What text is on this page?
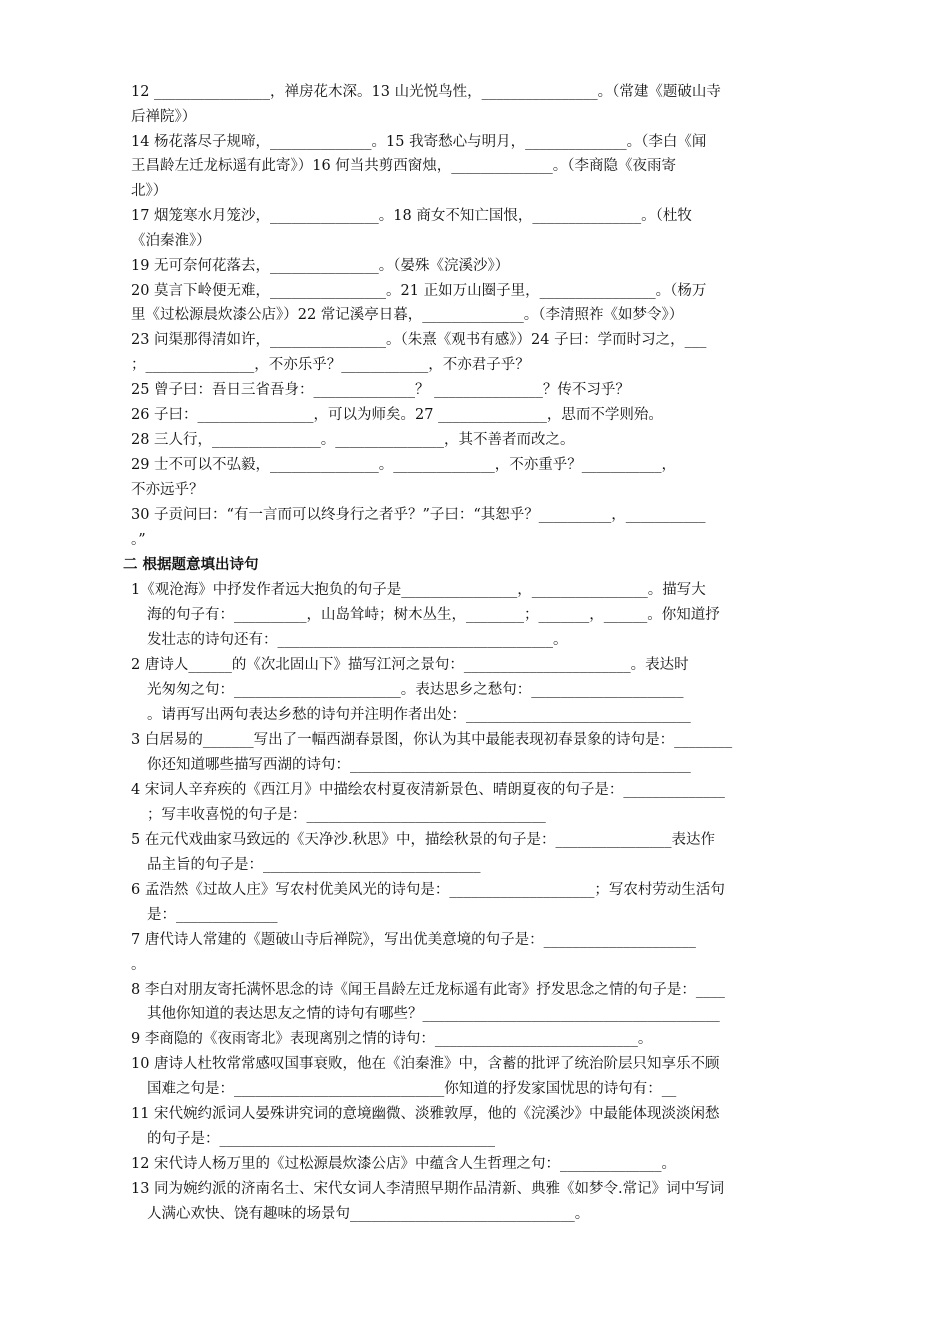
12 ________________，禅房花木深。13 山光悦鸟性，________________。（常建《题破山寺
后禅院》）
14 杨花落尽子规啼，______________。15 我寄愁心与明月，______________。（李白《闻
王昌龄左迁龙标遥有此寄》）16 何当共剪西窗烛，______________。（李商隐《夜雨寄
北》）
17 烟笼寒水月笼沙，_______________。18 商女不知亡国恨，_______________。（杜牧
《泊秦淮》）
19 无可奈何花落去，_______________。（晏殊《浣溪沙》）
20 莫言下岭便无难，________________。21 正如万山圈子里，________________。（杨万
里《过松源晨炊漆公店》）22 常记溪亭日暮，______________。（李清照祚《如梦令》）
23 问渠那得清如许，________________。（朱熹《观书有感》）24 子曰：学而时习之，___
；_______________，不亦乐乎？____________，不亦君子乎？
25 曾子曰：吾日三省吾身：______________？ _______________？传不习乎？
26 子曰：________________，可以为师矣。27 _______________，思而不学则殆。
28 三人行，_______________。_______________，其不善者而改之。
29 士不可以不弘毅，_______________。______________，不亦重乎？___________，
不亦远乎？
30 子贡问曰：“有一言而可以终身行之者乎？”子曰：“其恕乎？__________，___________
。”
二 根据题意填出诗句
1《观沧海》中抒发作者远大抱负的句子是________________，________________。描写大
海的句子有：__________，山岛耸峙；树木丛生，________；_______，______。你知道抒
发壮志的诗句还有：______________________________________。
2 唐诗人______的《次北固山下》描写江河之景句：_______________________。表达时
光匆匆之句：_______________________。表达思乡之愁句：_____________________
。请再写出两句表达乡愁的诗句并注明作者出处：_______________________________
3 白居易的_______写出了一幅西湖春景图，你认为其中最能表现初春景象的诗句是：________
你还知道哪些描写西湖的诗句：_______________________________________________
4 宋词人辛弃疾的《西江月》中描绘农村夏夜清新景色、晴朗夏夜的句子是：______________
；写丰收喜悦的句子是：_________________________________
5 在元代戏曲家马致远的《天净沙.秋思》中，描绘秋景的句子是：________________表达作
品主旨的句子是：______________________________
6 孟浩然《过故人庄》写农村优美风光的诗句是：____________________；写农村劳动生活句
是：______________
7 唐代诗人常建的《题破山寺后禅院》，写出优美意境的句子是：_____________________
。
8 李白对朋友寄托满怀思念的诗《闻王昌龄左迁龙标遥有此寄》抒发思念之情的句子是：____
其他你知道的表达思友之情的诗句有哪些？_________________________________________
9 李商隐的《夜雨寄北》表现离别之情的诗句：____________________________。
10 唐诗人杜牧常常感叹国事衰败，他在《泊秦淮》中，含蓄的批评了统治阶层只知享乐不顾
国难之句是：_____________________________你知道的抒发家国忧思的诗句有：__
11 宋代婉约派词人晏殊讲究词的意境幽微、淡雅敦厚，他的《浣溪沙》中最能体现淡淡闲愁
的句子是：______________________________________
12 宋代诗人杨万里的《过松源晨炊漆公店》中蕴含人生哲理之句：______________。
13 同为婉约派的济南名士、宋代女词人李清照早期作品清新、典雅《如梦令.常记》词中写词
人满心欢快、饶有趣味的场景句_______________________________。
